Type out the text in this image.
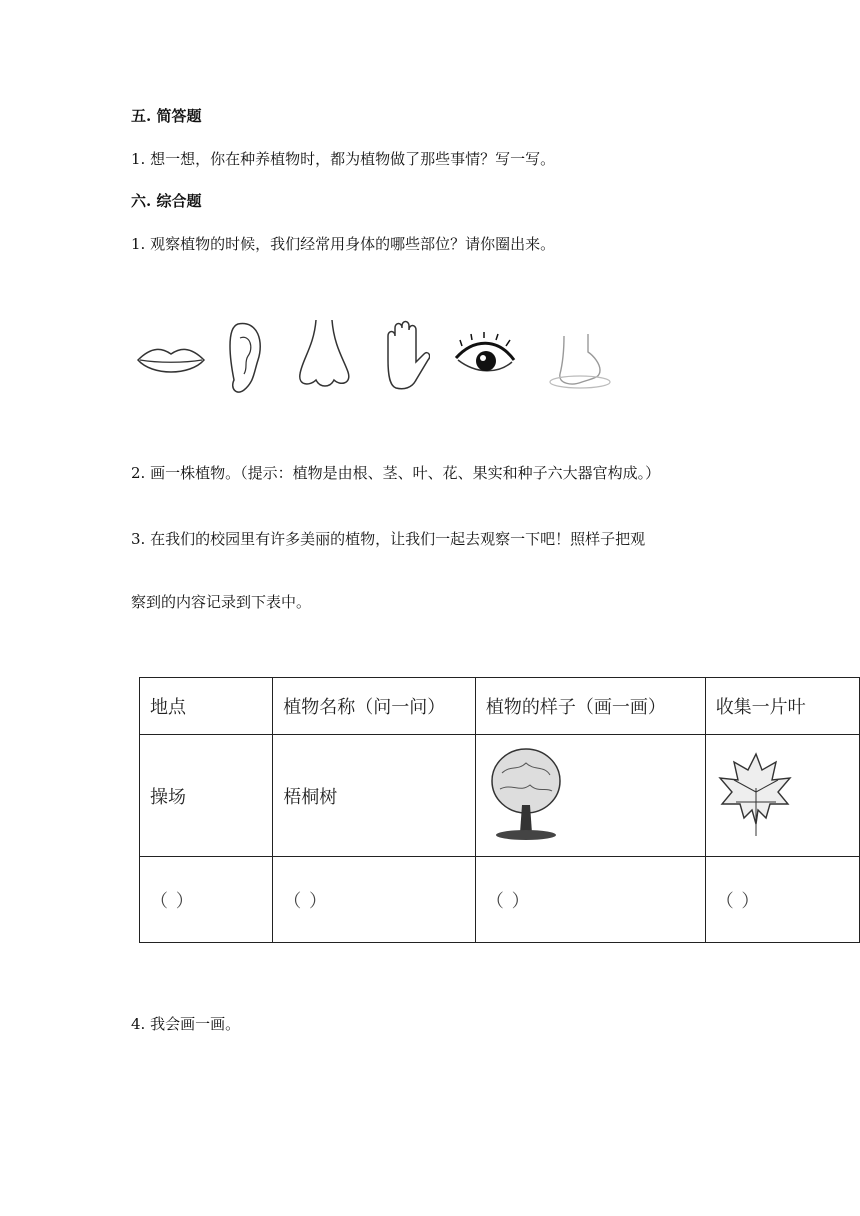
五. 简答题
1. 想一想，你在种养植物时，都为植物做了那些事情？写一写。
六. 综合题
1. 观察植物的时候，我们经常用身体的哪些部位？请你圈出来。
2. 画一株植物。（提示：植物是由根、茎、叶、花、果实和种子六大器官构成。）
3. 在我们的校园里有许多美丽的植物，让我们一起去观察一下吧！照样子把观
察到的内容记录到下表中。
地点	植物名称（问一问）	植物的样子（画一画）	收集一片叶
操场	梧桐树		
（ ）	（ ）	（ ）	（ ）
4. 我会画一画。
